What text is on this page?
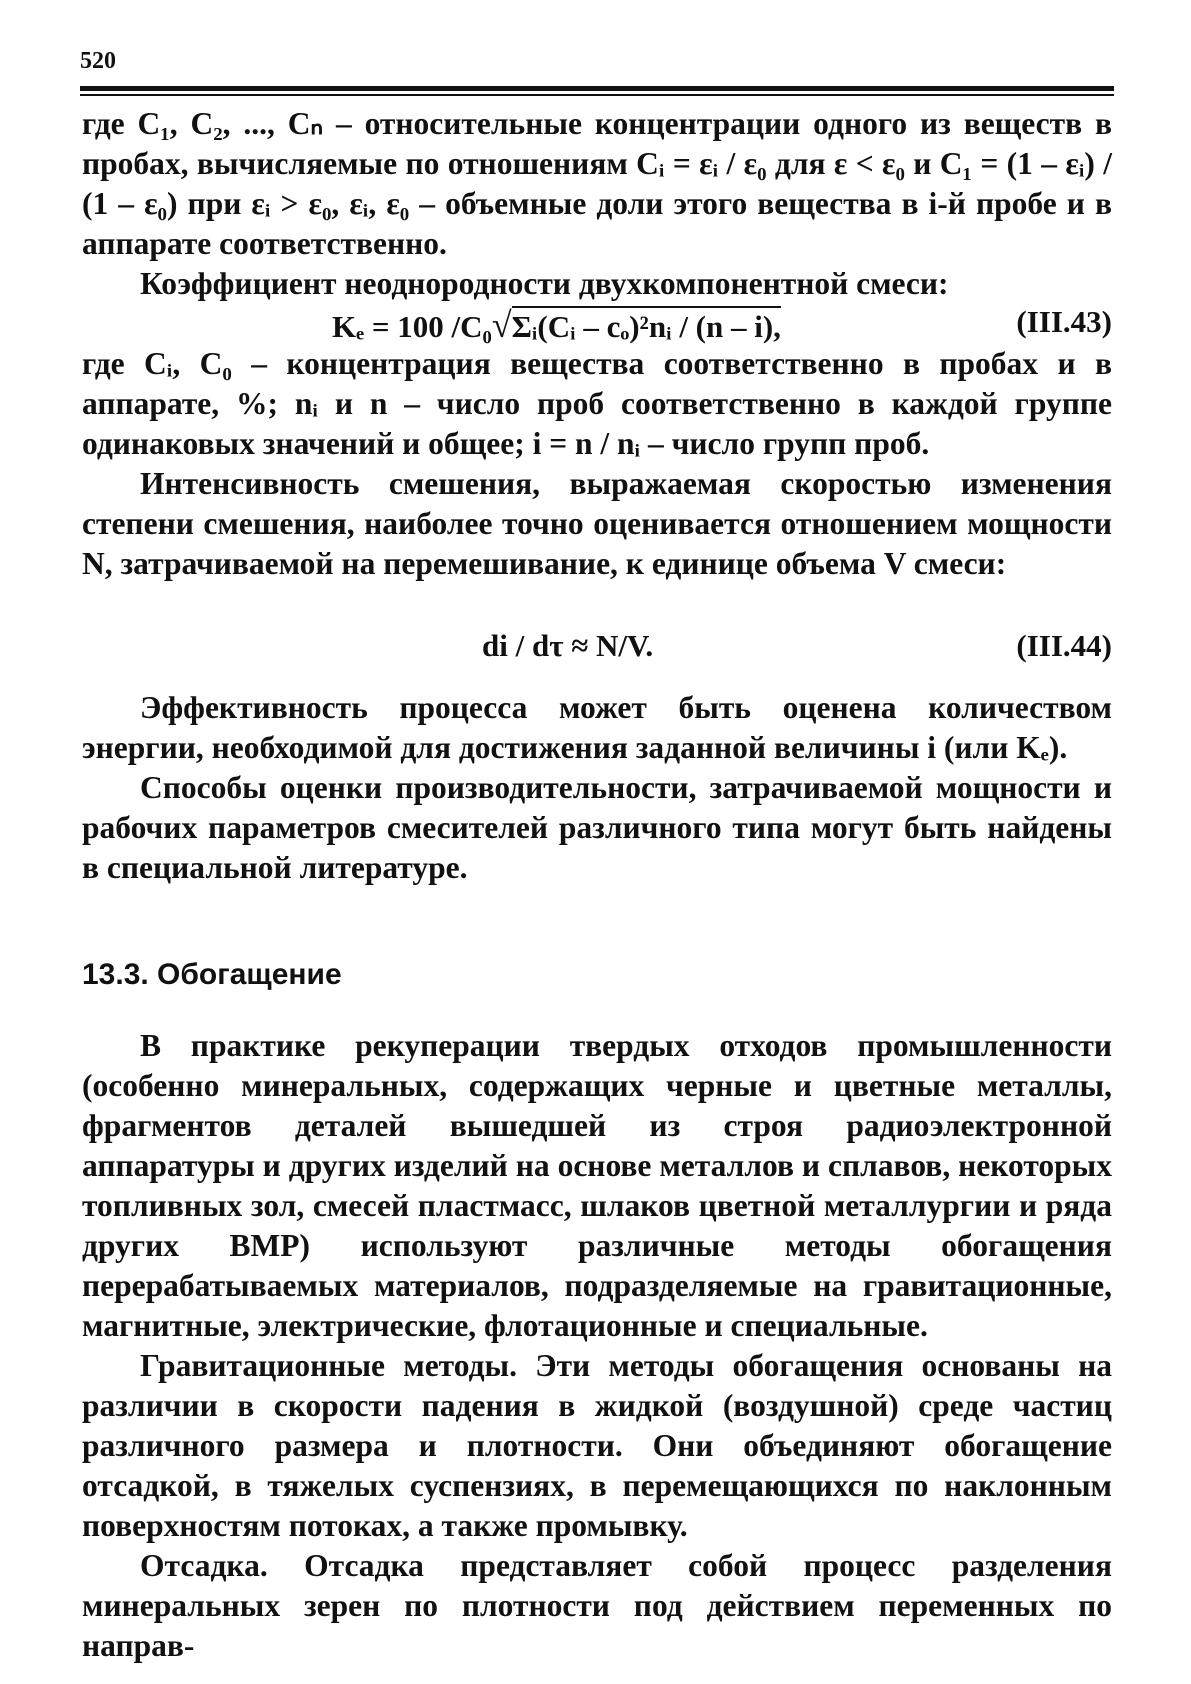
520

где C₁, C₂, ..., Cₙ – относительные концентрации одного из веществ в пробах, вычисляемые по отношениям Cᵢ = εᵢ / ε₀ для ε < ε₀ и C₁ = (1 – εᵢ) / (1 – ε₀) при εᵢ > ε₀, εᵢ, ε₀ – объемные доли этого вещества в i-й пробе и в аппарате соответственно.

Коэффициент неоднородности двухкомпонентной смеси:

Kₑ = 100 /C₀√Σᵢ(Cᵢ – cₒ)²nᵢ / (n – i),	(III.43)

где Cᵢ, C₀ – концентрация вещества соответственно в пробах и в аппарате, %; nᵢ и n – число проб соответственно в каждой группе одинаковых значений и общее; i = n / nᵢ – число групп проб.

Интенсивность смешения, выражаемая скоростью изменения степени смешения, наиболее точно оценивается отношением мощности N, затрачиваемой на перемешивание, к единице объема V смеси:

di / dτ ≈ N/V.	(III.44)

Эффективность процесса может быть оценена количеством энергии, необходимой для достижения заданной величины i (или Kₑ).

Способы оценки производительности, затрачиваемой мощности и рабочих параметров смесителей различного типа могут быть найдены в специальной литературе.

13.3. Обогащение

В практике рекуперации твердых отходов промышленности (особенно минеральных, содержащих черные и цветные металлы, фрагментов деталей вышедшей из строя радиоэлектронной аппаратуры и других изделий на основе металлов и сплавов, некоторых топливных зол, смесей пластмасс, шлаков цветной металлургии и ряда других ВМР) используют различные методы обогащения перерабатываемых материалов, подразделяемые на гравитационные, магнитные, электрические, флотационные и специальные.

Гравитационные методы. Эти методы обогащения основаны на различии в скорости падения в жидкой (воздушной) среде частиц различного размера и плотности. Они объединяют обогащение отсадкой, в тяжелых суспензиях, в перемещающихся по наклонным поверхностям потоках, а также промывку.

Отсадка. Отсадка представляет собой процесс разделения минеральных зерен по плотности под действием переменных по направ-
